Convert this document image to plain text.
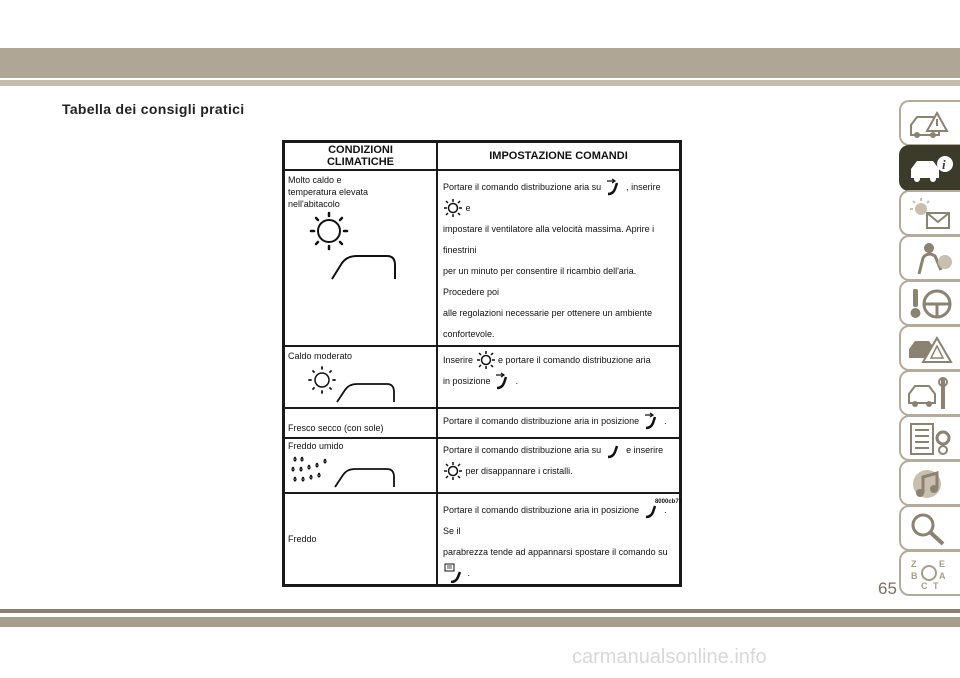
Tabella dei consigli pratici
CONDIZIONI CLIMATICHE	IMPOSTAZIONE COMANDI

Molto caldo e temperatura elevata nell'abitacolo	Portare il comando distribuzione aria su , inserire  e
impostare il ventilatore alla velocità massima. Aprire i finestrini
per un minuto per consentire il ricambio dell'aria. Procedere poi
alle regolazioni necessarie per ottenere un ambiente confortevole.

Caldo moderato	Inserire e portare il comando distribuzione aria
in posizione .

Fresco secco (con sole)	Portare il comando distribuzione aria in posizione .

Freddo umido	Portare il comando distribuzione aria su e inserire
per disappannare i cristalli.

Freddo	Portare il comando distribuzione aria in posizione . Se il
parabrezza tende ad appannarsi spostare il comando su  .
8000cb71
i
Z	E
B A
C T
65
carmanualsonline.info
